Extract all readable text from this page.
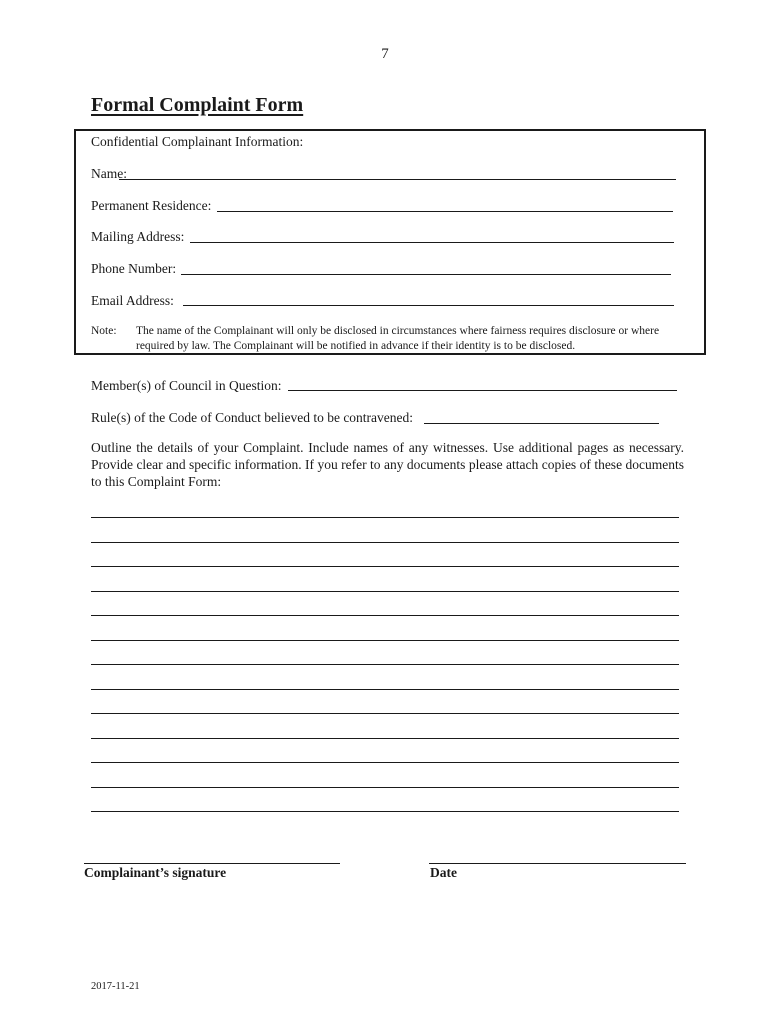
7
Formal Complaint Form
Confidential Complainant Information:
Name:
Permanent Residence:
Mailing Address:
Phone Number:
Email Address:
Note: The name of the Complainant will only be disclosed in circumstances where fairness requires disclosure or where required by law. The Complainant will be notified in advance if their identity is to be disclosed.
Member(s) of Council in Question:
Rule(s) of the Code of Conduct believed to be contravened:
Outline the details of your Complaint. Include names of any witnesses. Use additional pages as necessary. Provide clear and specific information. If you refer to any documents please attach copies of these documents to this Complaint Form:
Complainant’s signature	Date
2017-11-21
